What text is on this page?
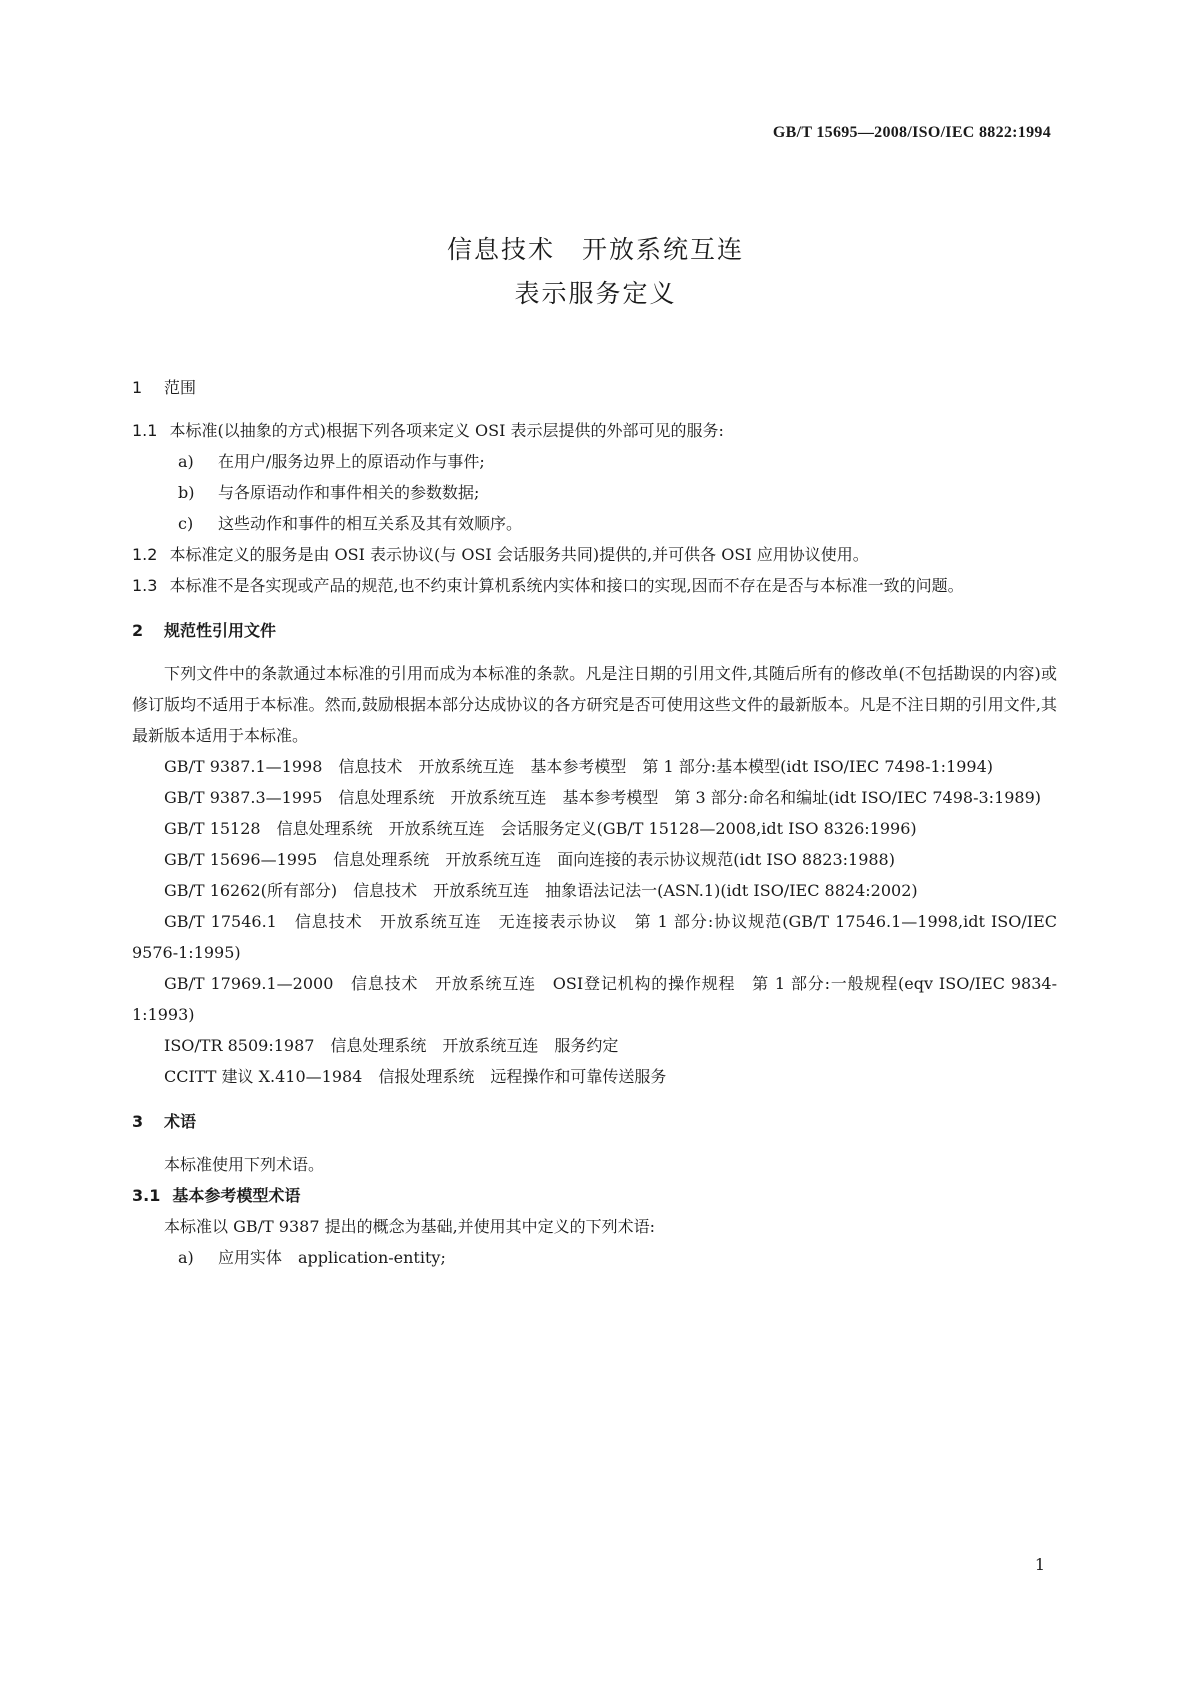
GB/T 15695—2008/ISO/IEC 8822:1994
信息技术　开放系统互连
表示服务定义

1 范围

1.1 本标准(以抽象的方式)根据下列各项来定义 OSI 表示层提供的外部可见的服务:

a) 在用户/服务边界上的原语动作与事件;

b) 与各原语动作和事件相关的参数数据;

c) 这些动作和事件的相互关系及其有效顺序。

1.2 本标准定义的服务是由 OSI 表示协议(与 OSI 会话服务共同)提供的,并可供各 OSI 应用协议使用。

1.3 本标准不是各实现或产品的规范,也不约束计算机系统内实体和接口的实现,因而不存在是否与本标准一致的问题。

2 规范性引用文件

下列文件中的条款通过本标准的引用而成为本标准的条款。凡是注日期的引用文件,其随后所有的修改单(不包括勘误的内容)或修订版均不适用于本标准。然而,鼓励根据本部分达成协议的各方研究是否可使用这些文件的最新版本。凡是不注日期的引用文件,其最新版本适用于本标准。

GB/T 9387.1—1998　信息技术　开放系统互连　基本参考模型　第 1 部分:基本模型(idt ISO/IEC 7498-1:1994)

GB/T 9387.3—1995　信息处理系统　开放系统互连　基本参考模型　第 3 部分:命名和编址(idt ISO/IEC 7498-3:1989)

GB/T 15128　信息处理系统　开放系统互连　会话服务定义(GB/T 15128—2008,idt ISO 8326:1996)

GB/T 15696—1995　信息处理系统　开放系统互连　面向连接的表示协议规范(idt ISO 8823:1988)

GB/T 16262(所有部分)　信息技术　开放系统互连　抽象语法记法一(ASN.1)(idt ISO/IEC 8824:2002)

GB/T 17546.1　信息技术　开放系统互连　无连接表示协议　第 1 部分:协议规范(GB/T 17546.1—1998,idt ISO/IEC 9576-1:1995)

GB/T 17969.1—2000　信息技术　开放系统互连　OSI登记机构的操作规程　第 1 部分:一般规程(eqv ISO/IEC 9834-1:1993)

ISO/TR 8509:1987　信息处理系统　开放系统互连　服务约定

CCITT 建议 X.410—1984　信报处理系统　远程操作和可靠传送服务

3 术语

本标准使用下列术语。

3.1 基本参考模型术语

本标准以 GB/T 9387 提出的概念为基础,并使用其中定义的下列术语:

a) 应用实体　application-entity;

1
